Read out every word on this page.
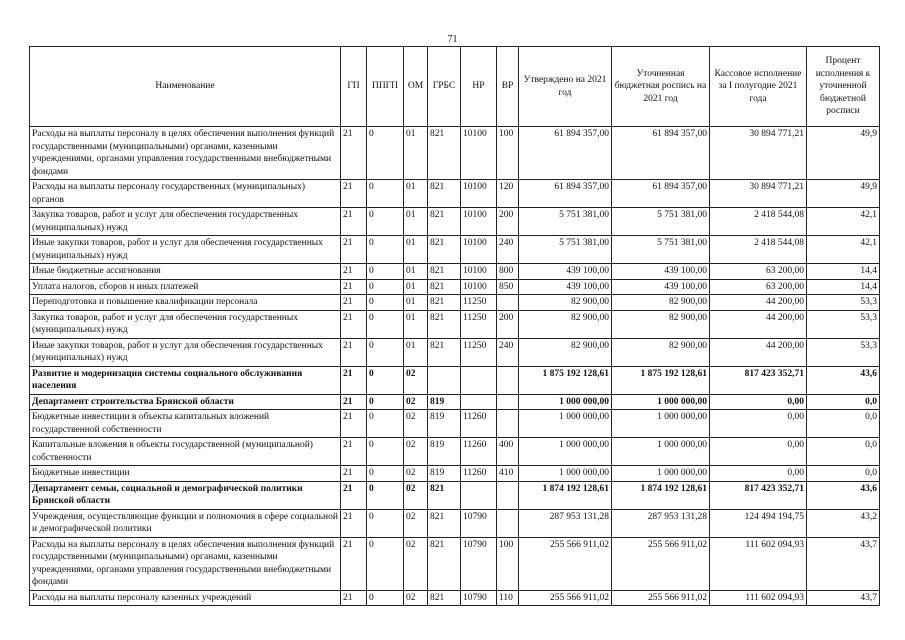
71
Наименование	ГП	ППГП	ОМ	ГРБС	НР	ВР	Утверждено на 2021 год	Уточненная бюджетная роспись на 2021 год	Кассовое исполнение за I полугодие 2021 года	Процент исполнения к уточненной бюджетной росписи
Расходы на выплаты персоналу в целях обеспечения выполнения функций государственными (муниципальными) органами, казенными учреждениями, органами управления государственными внебюджетными фондами	21	0	01	821	10100	100	61 894 357,00	61 894 357,00	30 894 771,21	49,9
Расходы на выплаты персоналу государственных (муниципальных) органов	21	0	01	821	10100	120	61 894 357,00	61 894 357,00	30 894 771,21	49,9
Закупка товаров, работ и услуг для обеспечения государственных (муниципальных) нужд	21	0	01	821	10100	200	5 751 381,00	5 751 381,00	2 418 544,08	42,1
Иные закупки товаров, работ и услуг для обеспечения государственных (муниципальных) нужд	21	0	01	821	10100	240	5 751 381,00	5 751 381,00	2 418 544,08	42,1
Иные бюджетные ассигнования	21	0	01	821	10100	800	439 100,00	439 100,00	63 200,00	14,4
Уплата налогов, сборов и иных платежей	21	0	01	821	10100	850	439 100,00	439 100,00	63 200,00	14,4
Переподготовка и повышение квалификации персонала	21	0	01	821	11250		82 900,00	82 900,00	44 200,00	53,3
Закупка товаров, работ и услуг для обеспечения государственных (муниципальных) нужд	21	0	01	821	11250	200	82 900,00	82 900,00	44 200,00	53,3
Иные закупки товаров, работ и услуг для обеспечения государственных (муниципальных) нужд	21	0	01	821	11250	240	82 900,00	82 900,00	44 200,00	53,3
Развитие и модернизация системы социального обслуживания населения	21	0	02				1 875 192 128,61	1 875 192 128,61	817 423 352,71	43,6
Департамент строительства Брянской области	21	0	02	819			1 000 000,00	1 000 000,00	0,00	0,0
Бюджетные инвестиции в объекты капитальных вложений государственной собственности	21	0	02	819	11260		1 000 000,00	1 000 000,00	0,00	0,0
Капитальные вложения в объекты государственной (муниципальной) собственности	21	0	02	819	11260	400	1 000 000,00	1 000 000,00	0,00	0,0
Бюджетные инвестиции	21	0	02	819	11260	410	1 000 000,00	1 000 000,00	0,00	0,0
Департамент семьи, социальной и демографической политики Брянской области	21	0	02	821			1 874 192 128,61	1 874 192 128,61	817 423 352,71	43,6
Учреждения, осуществляющие функции и полномочия в сфере социальной и демографической политики	21	0	02	821	10790		287 953 131,28	287 953 131,28	124 494 194,75	43,2
Расходы на выплаты персоналу в целях обеспечения выполнения функций государственными (муниципальными) органами, казенными учреждениями, органами управления государственными внебюджетными фондами	21	0	02	821	10790	100	255 566 911,02	255 566 911,02	111 602 094,93	43,7
Расходы на выплаты персоналу казенных учреждений	21	0	02	821	10790	110	255 566 911,02	255 566 911,02	111 602 094,93	43,7
